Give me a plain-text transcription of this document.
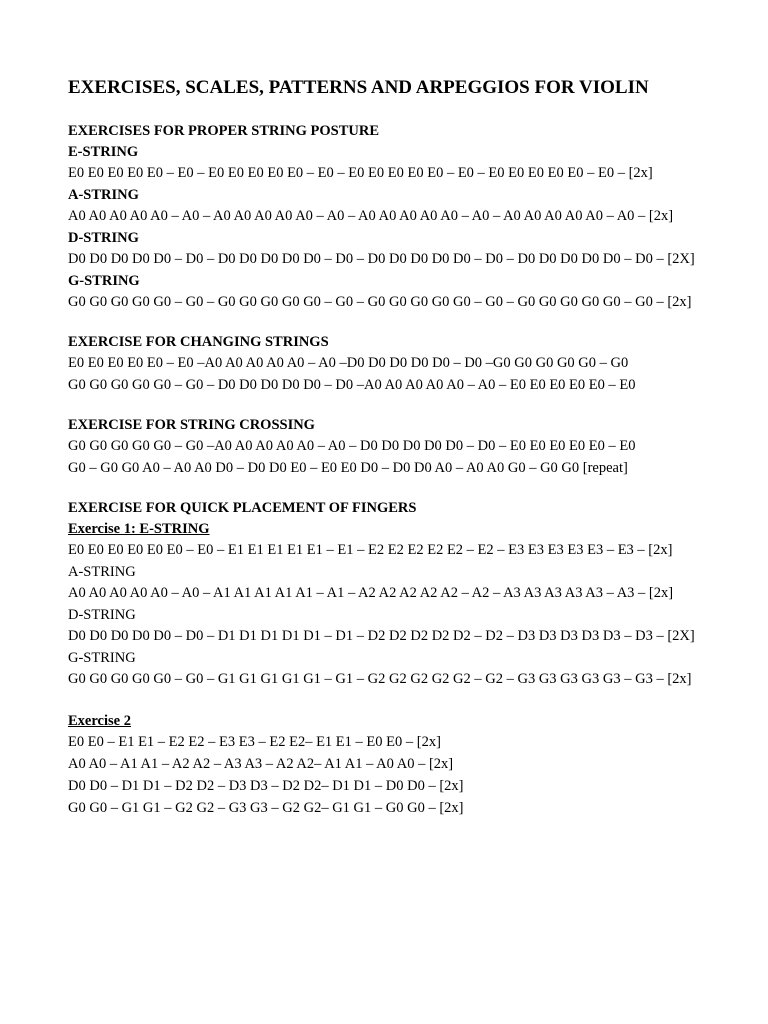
EXERCISES, SCALES, PATTERNS AND ARPEGGIOS FOR VIOLIN
EXERCISES FOR PROPER STRING POSTURE
E-STRING
E0 E0 E0 E0 E0 – E0 – E0 E0 E0 E0 E0 – E0 – E0 E0 E0 E0 E0 – E0 – E0 E0 E0 E0 E0 – E0 – [2x]
A-STRING
A0 A0 A0 A0 A0 – A0 – A0 A0 A0 A0 A0 – A0 – A0 A0 A0 A0 A0 – A0 – A0 A0 A0 A0 A0 – A0 – [2x]
D-STRING
D0 D0 D0 D0 D0 – D0 – D0 D0 D0 D0 D0 – D0 – D0 D0 D0 D0 D0 – D0 – D0 D0 D0 D0 D0 – D0 – [2X]
G-STRING
G0 G0 G0 G0 G0 – G0 – G0 G0 G0 G0 G0 – G0 – G0 G0 G0 G0 G0 – G0 – G0 G0 G0 G0 G0 – G0 – [2x]
EXERCISE FOR CHANGING STRINGS
E0 E0 E0 E0 E0 – E0 –A0 A0 A0 A0 A0 – A0 –D0 D0 D0 D0 D0 – D0 –G0 G0 G0 G0 G0 – G0
G0 G0 G0 G0 G0 – G0 – D0 D0 D0 D0 D0 – D0 –A0 A0 A0 A0 A0 – A0 – E0 E0 E0 E0 E0 – E0
EXERCISE FOR STRING CROSSING
G0 G0 G0 G0 G0 – G0 –A0 A0 A0 A0 A0 – A0 – D0 D0 D0 D0 D0 – D0 – E0 E0 E0 E0 E0 – E0
G0 – G0 G0 A0 – A0 A0 D0 – D0 D0 E0 – E0 E0 D0 – D0 D0 A0 – A0 A0 G0 – G0 G0 [repeat]
EXERCISE FOR QUICK PLACEMENT OF FINGERS
Exercise 1: E-STRING
E0 E0 E0 E0 E0 E0 – E0 – E1 E1 E1 E1 E1 – E1 – E2 E2 E2 E2 E2 – E2 – E3 E3 E3 E3 E3 – E3 – [2x]
A-STRING
A0 A0 A0 A0 A0 – A0 – A1 A1 A1 A1 A1 – A1 – A2 A2 A2 A2 A2 – A2 – A3 A3 A3 A3 A3 – A3 – [2x]
D-STRING
D0 D0 D0 D0 D0 – D0 – D1 D1 D1 D1 D1 – D1 – D2 D2 D2 D2 D2 – D2 – D3 D3 D3 D3 D3 – D3 – [2X]
G-STRING
G0 G0 G0 G0 G0 – G0 – G1 G1 G1 G1 G1 – G1 – G2 G2 G2 G2 G2 – G2 – G3 G3 G3 G3 G3 – G3 – [2x]
Exercise 2
E0 E0 – E1 E1 – E2 E2 – E3 E3 – E2 E2– E1 E1 – E0 E0 – [2x]
A0 A0 – A1 A1 – A2 A2 – A3 A3 – A2 A2– A1 A1 – A0 A0 – [2x]
D0 D0 – D1 D1 – D2 D2 – D3 D3 – D2 D2– D1 D1 – D0 D0 – [2x]
G0 G0 – G1 G1 – G2 G2 – G3 G3 – G2 G2– G1 G1 – G0 G0 – [2x]
